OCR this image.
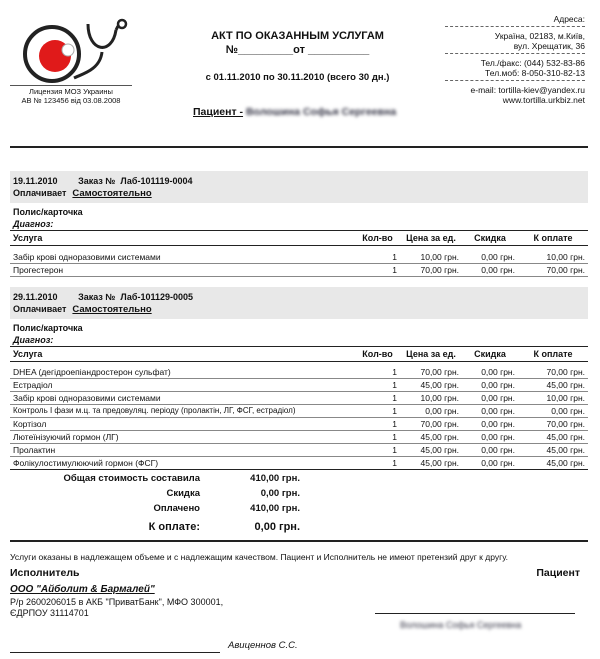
Лицензия МОЗ Украины
АВ № 123456 від 03.08.2008
АКТ ПО ОКАЗАННЫМ УСЛУГАМ
№_________от __________
с 01.11.2010 по 30.11.2010 (всего 30 дн.)
Пациент - Волошина Софья Сергеевна
Адреса:
Україна, 02183, м.Київ,
вул. Хрещатик, 36
Тел./факс: (044) 532-83-86
Тел.моб: 8-050-310-82-13
e-mail: tortilla-kiev@yandex.ru
www.tortilla.urkbiz.net
19.11.2010 Заказ № Лаб-101119-0004
Оплачивает Самостоятельно
Полис/карточка
Диагноз:
Услуга	Кол-во	Цена за ед.	Скидка	К оплате

Забір крові одноразовими системами	1	10,00 грн.	0,00 грн.	10,00 грн.
Прогестерон	1	70,00 грн.	0,00 грн.	70,00 грн.
29.11.2010 Заказ № Лаб-101129-0005
Оплачивает Самостоятельно
Полис/карточка
Диагноз:
Услуга	Кол-во	Цена за ед.	Скидка	К оплате

DHEA (дегідроепіандростерон сульфат)	1	70,00 грн.	0,00 грн.	70,00 грн.
Естрадіол	1	45,00 грн.	0,00 грн.	45,00 грн.
Забір крові одноразовими системами	1	10,00 грн.	0,00 грн.	10,00 грн.
Контроль I фази м.ц. та предовуляц. періоду (пролактін, ЛГ, ФСГ, естрадіол)	1	0,00 грн.	0,00 грн.	0,00 грн.
Кортізол	1	70,00 грн.	0,00 грн.	70,00 грн.
Лютеїнізуючий гормон (ЛГ)	1	45,00 грн.	0,00 грн.	45,00 грн.
Пролактин	1	45,00 грн.	0,00 грн.	45,00 грн.
Фолікулостимулюючий гормон (ФСГ)	1	45,00 грн.	0,00 грн.	45,00 грн.
Общая стоимость составила	410,00 грн.
Скидка	0,00 грн.
Оплачено	410,00 грн.
К оплате:	0,00 грн.
Услуги оказаны в надлежащем объеме и с надлежащим качеством. Пациент и Исполнитель не имеют претензий друг к другу.
Исполнитель	Пациент
ООО "Айболит & Бармалей"
Р/р 2600206015 в АКБ "ПриватБанк", МФО 300001,
ЄДРПОУ 31114701
Волошина Софья Сергеевна
Авиценнов С.С.
